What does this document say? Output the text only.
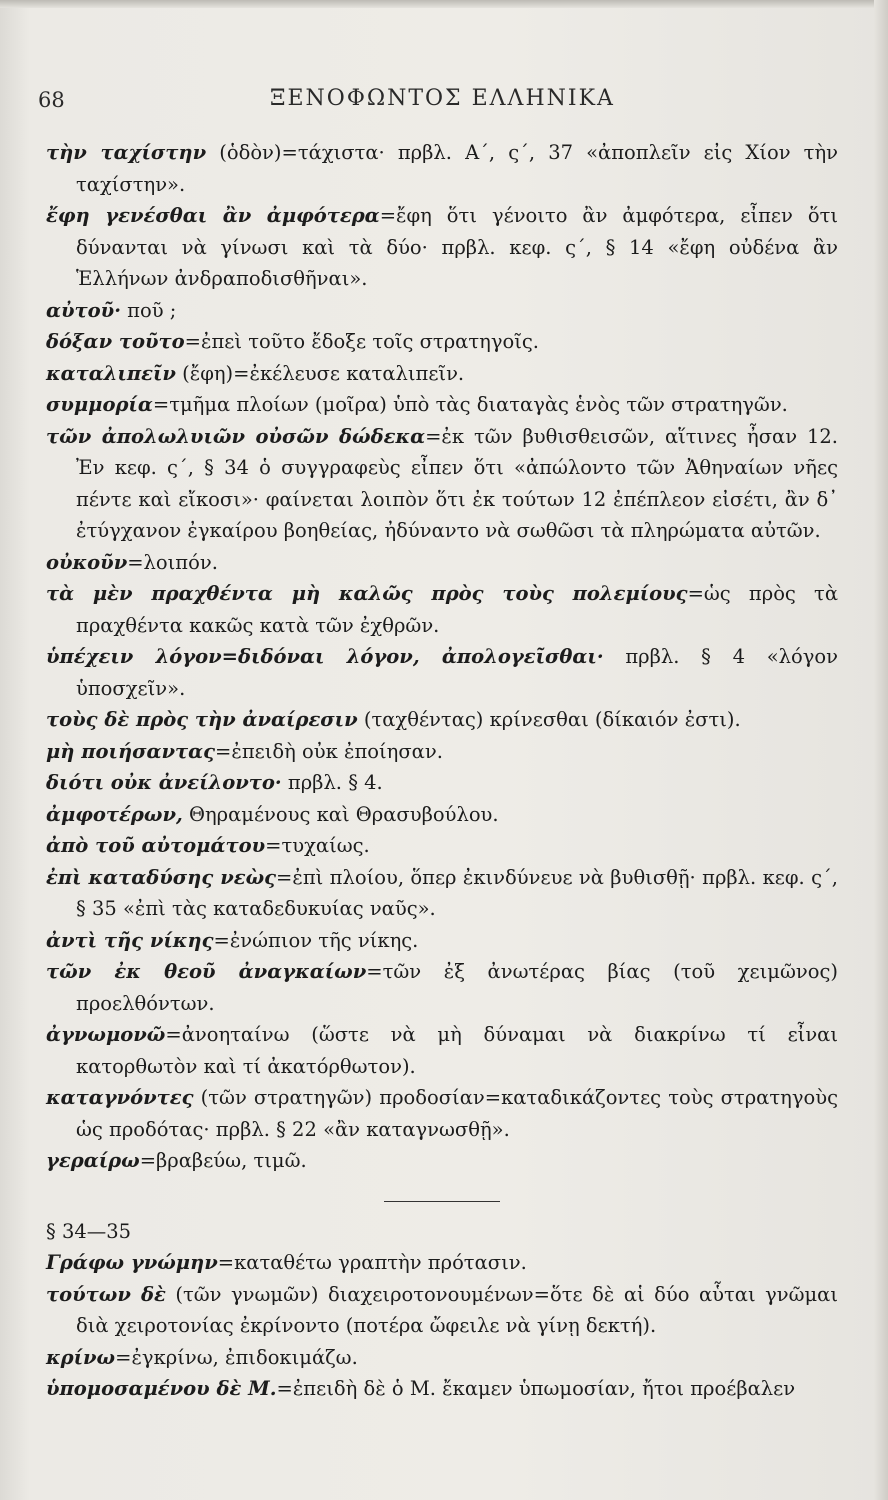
68	ΞΕΝΟΦΩΝΤΟΣ ΕΛΛΗΝΙΚΑ
τὴν ταχίστην (ὁδὸν)=τάχιστα· πρβλ. Α΄, ς΄, 37 «ἀποπλεῖν εἰς Χίον τὴν ταχίστην».
ἔφη γενέσθαι ἂν ἀμφότερα=ἔφη ὅτι γένοιτο ἂν ἀμφότερα, εἶπεν ὅτι δύνανται νὰ γίνωσι καὶ τὰ δύο· πρβλ. κεφ. ς΄, § 14 «ἔφη οὐδένα ἂν Ἑλλήνων ἀνδραποδισθῆναι».
αὐτοῦ· ποῦ ;
δόξαν τοῦτο=ἐπεὶ τοῦτο ἔδοξε τοῖς στρατηγοῖς.
καταλιπεῖν (ἔφη)=ἐκέλευσε καταλιπεῖν.
συμμορία=τμῆμα πλοίων (μοῖρα) ὑπὸ τὰς διαταγὰς ἑνὸς τῶν στρατηγῶν.
τῶν ἀπολωλυιῶν οὐσῶν δώδεκα=ἐκ τῶν βυθισθεισῶν, αἵτινες ἦσαν 12. Ἐν κεφ. ς΄, § 34 ὁ συγγραφεὺς εἶπεν ὅτι «ἀπώλοντο τῶν Ἀθηναίων νῆες πέντε καὶ εἴκοσι»· φαίνεται λοιπὸν ὅτι ἐκ τούτων 12 ἐπέπλεον εἰσέτι, ἂν δ᾽ ἐτύγχανον ἐγκαίρου βοηθείας, ἠδύναντο νὰ σωθῶσι τὰ πληρώματα αὐτῶν.
οὐκοῦν=λοιπόν.
τὰ μὲν πραχθέντα μὴ καλῶς πρὸς τοὺς πολεμίους=ὡς πρὸς τὰ πραχθέντα κακῶς κατὰ τῶν ἐχθρῶν.
ὑπέχειν λόγον=διδόναι λόγον, ἀπολογεῖσθαι· πρβλ. § 4 «λόγον ὑποσχεῖν».
τοὺς δὲ πρὸς τὴν ἀναίρεσιν (ταχθέντας) κρίνεσθαι (δίκαιόν ἐστι).
μὴ ποιήσαντας=ἐπειδὴ οὐκ ἐποίησαν.
διότι οὐκ ἀνείλοντο· πρβλ. § 4.
ἀμφοτέρων, Θηραμένους καὶ Θρασυβούλου.
ἀπὸ τοῦ αὐτομάτου=τυχαίως.
ἐπὶ καταδύσης νεὼς=ἐπὶ πλοίου, ὅπερ ἐκινδύνευε νὰ βυθισθῇ· πρβλ. κεφ. ς΄, § 35 «ἐπὶ τὰς καταδεδυκυίας ναῦς».
ἀντὶ τῆς νίκης=ἐνώπιον τῆς νίκης.
τῶν ἐκ θεοῦ ἀναγκαίων=τῶν ἐξ ἀνωτέρας βίας (τοῦ χειμῶνος) προελθόντων.
ἀγνωμονῶ=ἀνοηταίνω (ὥστε νὰ μὴ δύναμαι νὰ διακρίνω τί εἶναι κατορθωτὸν καὶ τί ἀκατόρθωτον).
καταγνόντες (τῶν στρατηγῶν) προδοσίαν=καταδικάζοντες τοὺς στρατηγοὺς ὡς προδότας· πρβλ. § 22 «ἂν καταγνωσθῇ».
γεραίρω=βραβεύω, τιμῶ.
§ 34—35
Γράφω γνώμην=καταθέτω γραπτὴν πρότασιν.
τούτων δὲ (τῶν γνωμῶν) διαχειροτονουμένων=ὅτε δὲ αἱ δύο αὗται γνῶμαι διὰ χειροτονίας ἐκρίνοντο (ποτέρα ὤφειλε νὰ γίνῃ δεκτή).
κρίνω=ἐγκρίνω, ἐπιδοκιμάζω.
ὑπομοσαμένου δὲ Μ.=ἐπειδὴ δὲ ὁ Μ. ἔκαμεν ὑπωμοσίαν, ἤτοι προέβαλεν
